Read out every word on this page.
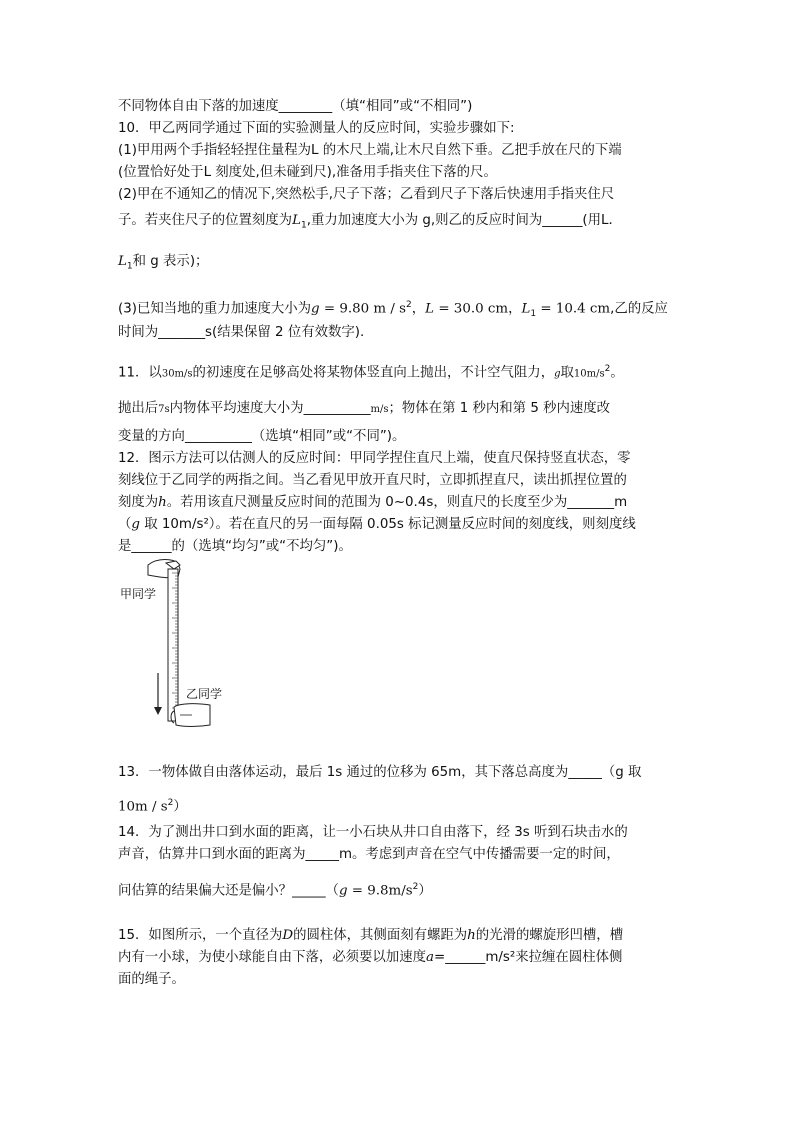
不同物体自由下落的加速度________（填“相同”或“不相同”)
10．甲乙两同学通过下面的实验测量人的反应时间，实验步骤如下:
(1)甲用两个手指轻轻捏住量程为L 的木尺上端,让木尺自然下垂。乙把手放在尺的下端
(位置恰好处于L 刻度处,但未碰到尺),准备用手指夹住下落的尺。
(2)甲在不通知乙的情况下,突然松手,尺子下落；乙看到尺子下落后快速用手指夹住尺
子。若夹住尺子的位置刻度为$L_1$,重力加速度大小为 g,则乙的反应时间为______(用L．
$L_1$和 g 表示)；
(3)已知当地的重力加速度大小为g = 9.80 m / $s^2$，L = 30.0 cm，$L_1 = 10.4$ cm,乙的反应
时间为_______s(结果保留 2 位有效数字).
11．以30m/s的初速度在足够高处将某物体竖直向上抛出，不计空气阻力，g取$10m/s^2$。
抛出后7s内物体平均速度大小为__________m/s；物体在第 1 秒内和第 5 秒内速度改
变量的方向__________（选填“相同”或“不同”)。
12．图示方法可以估测人的反应时间：甲同学捏住直尺上端，使直尺保持竖直状态，零
刻线位于乙同学的两指之间。当乙看见甲放开直尺时，立即抓捏直尺，读出抓捏位置的
刻度为h。若用该直尺测量反应时间的范围为 0~0.4s，则直尺的长度至少为_______m
（g 取 10m/s²）。若在直尺的另一面每隔 0.05s 标记测量反应时间的刻度线，则刻度线
是______的（选填“均匀”或“不均匀”)。
甲同学
乙同学
13．一物体做自由落体运动，最后 1s 通过的位移为 65m，其下落总高度为_____（g 取
$10m / s^2$）
14．为了测出井口到水面的距离，让一小石块从井口自由落下，经 3s 听到石块击水的
声音，估算井口到水面的距离为_____m。考虑到声音在空气中传播需要一定的时间，
问估算的结果偏大还是偏小？_____（g = $9.8m/s^2$）
15．如图所示，一个直径为D的圆柱体，其侧面刻有螺距为h的光滑的螺旋形凹槽，槽
内有一小球，为使小球能自由下落，必须要以加速度a=______m/s²来拉缠在圆柱体侧
面的绳子。
